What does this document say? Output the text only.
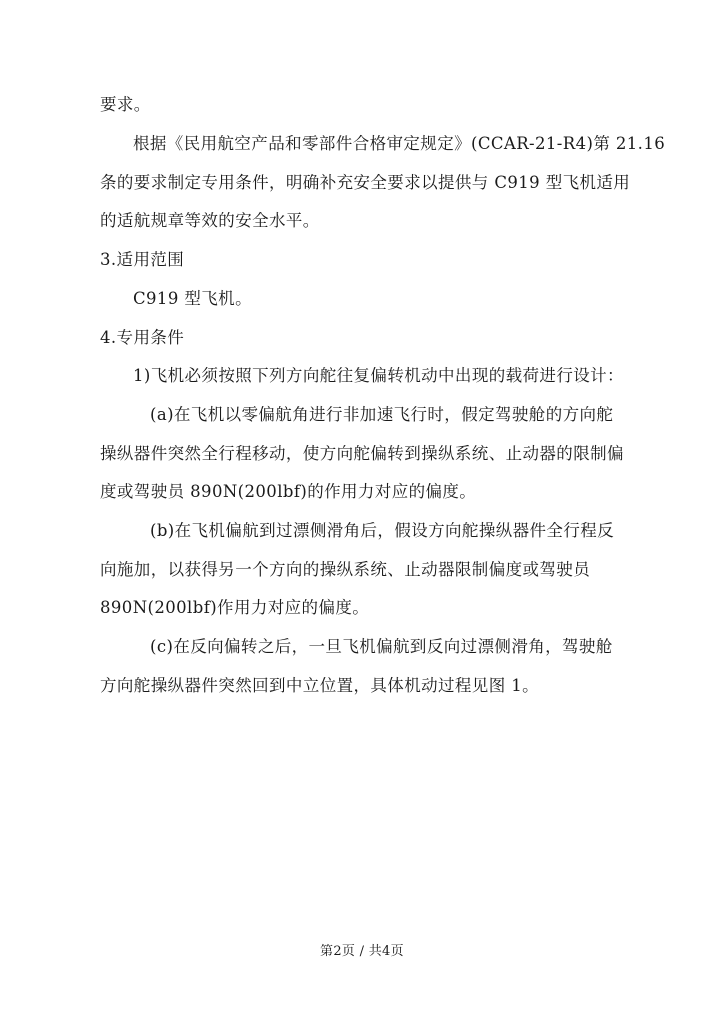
要求。
根据《民用航空产品和零部件合格审定规定》(CCAR-21-R4)第 21.16
条的要求制定专用条件，明确补充安全要求以提供与 C919 型飞机适用
的适航规章等效的安全水平。
3.适用范围
C919 型飞机。
4.专用条件
1)飞机必须按照下列方向舵往复偏转机动中出现的载荷进行设计：
(a)在飞机以零偏航角进行非加速飞行时，假定驾驶舱的方向舵
操纵器件突然全行程移动，使方向舵偏转到操纵系统、止动器的限制偏
度或驾驶员 890N(200lbf)的作用力对应的偏度。
(b)在飞机偏航到过漂侧滑角后，假设方向舵操纵器件全行程反
向施加，以获得另一个方向的操纵系统、止动器限制偏度或驾驶员
890N(200lbf)作用力对应的偏度。
(c)在反向偏转之后，一旦飞机偏航到反向过漂侧滑角，驾驶舱
方向舵操纵器件突然回到中立位置，具体机动过程见图 1。
第2页 / 共4页
